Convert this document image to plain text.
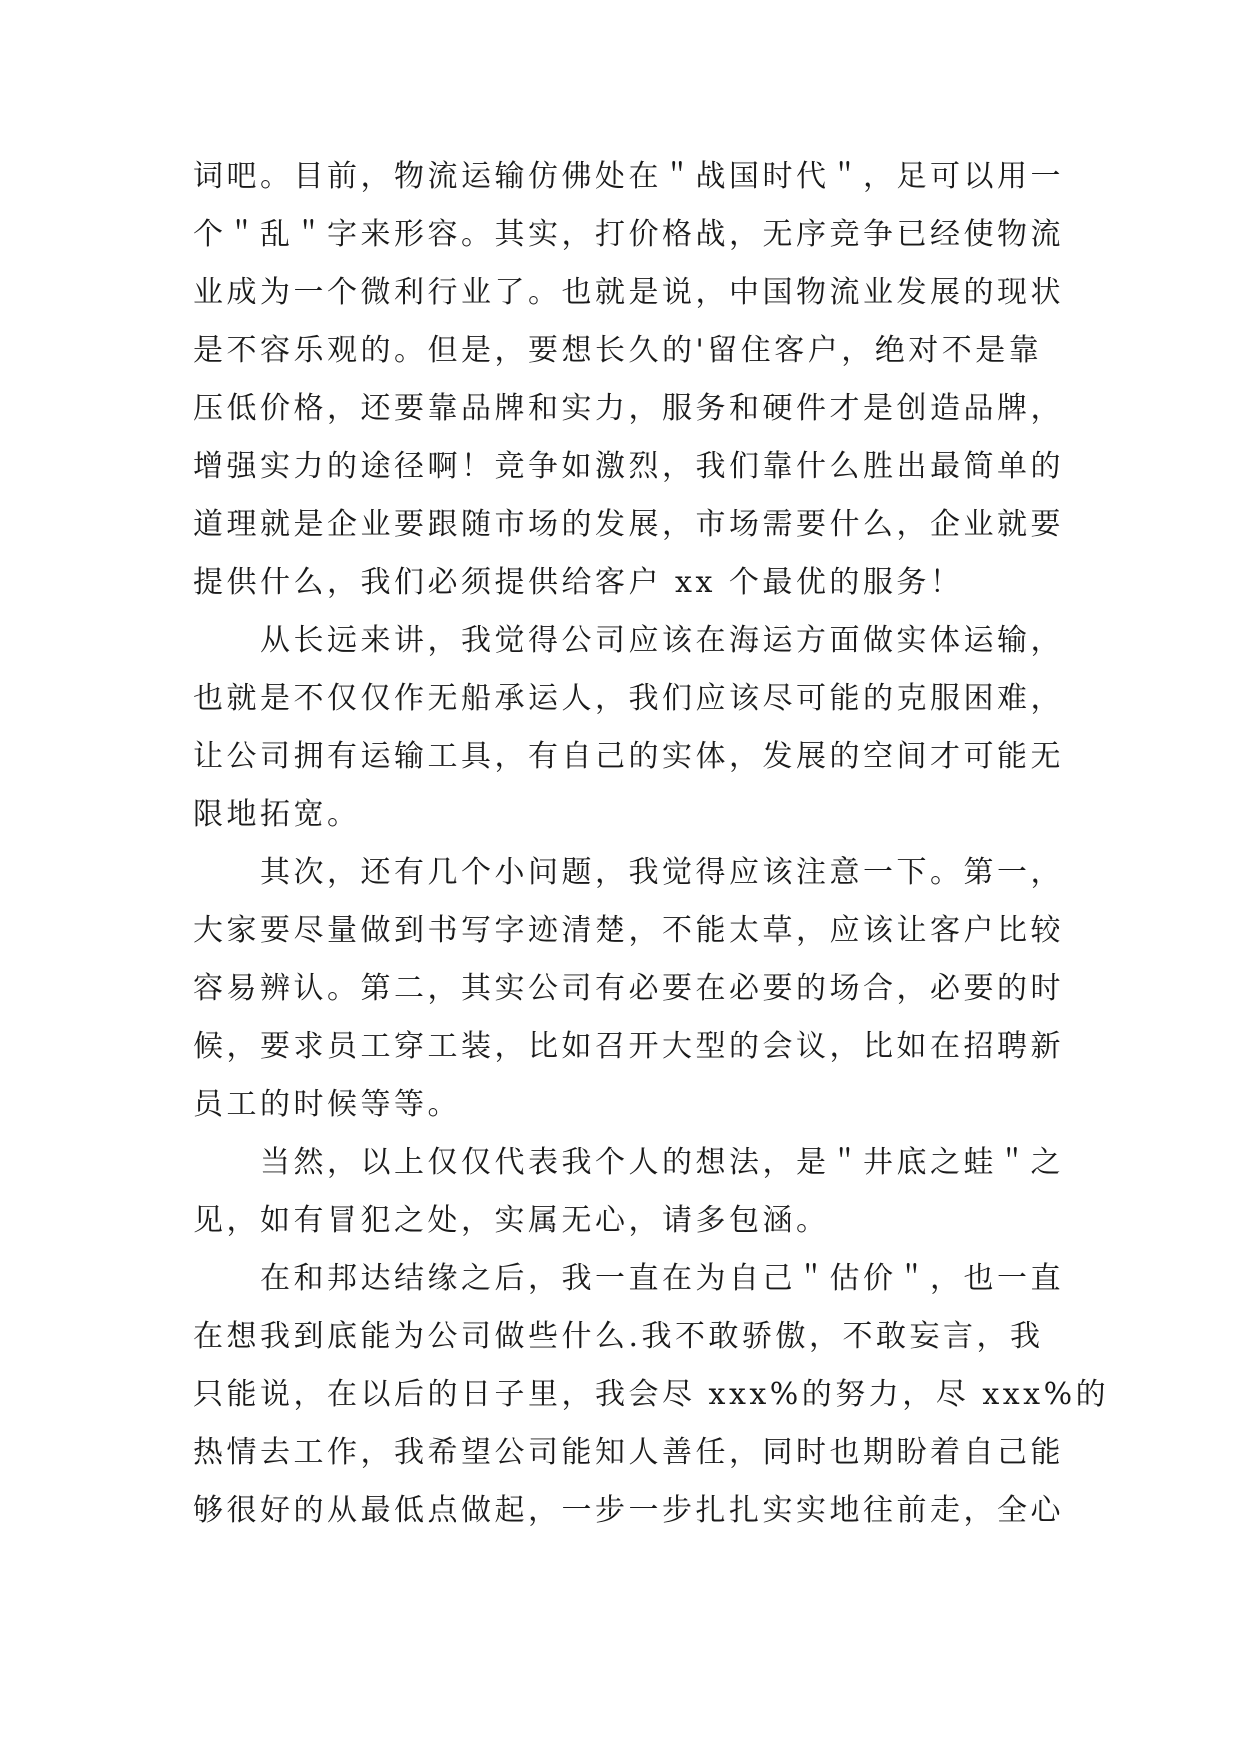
词吧。目前，物流运输仿佛处在＂战国时代＂，足可以用一
个＂乱＂字来形容。其实，打价格战，无序竞争已经使物流
业成为一个微利行业了。也就是说，中国物流业发展的现状
是不容乐观的。但是，要想长久的'留住客户，绝对不是靠
压低价格，还要靠品牌和实力，服务和硬件才是创造品牌，
增强实力的途径啊！竞争如激烈，我们靠什么胜出最简单的
道理就是企业要跟随市场的发展，市场需要什么，企业就要
提供什么，我们必须提供给客户 xx 个最优的服务！
　　从长远来讲，我觉得公司应该在海运方面做实体运输，
也就是不仅仅作无船承运人，我们应该尽可能的克服困难，
让公司拥有运输工具，有自己的实体，发展的空间才可能无
限地拓宽。
　　其次，还有几个小问题，我觉得应该注意一下。第一，
大家要尽量做到书写字迹清楚，不能太草，应该让客户比较
容易辨认。第二，其实公司有必要在必要的场合，必要的时
候，要求员工穿工装，比如召开大型的会议，比如在招聘新
员工的时候等等。
　　当然，以上仅仅代表我个人的想法，是＂井底之蛙＂之
见，如有冒犯之处，实属无心，请多包涵。
　　在和邦达结缘之后，我一直在为自己＂估价＂，也一直
在想我到底能为公司做些什么.我不敢骄傲，不敢妄言，我
只能说，在以后的日子里，我会尽 xxx%的努力，尽 xxx%的
热情去工作，我希望公司能知人善任，同时也期盼着自己能
够很好的从最低点做起，一步一步扎扎实实地往前走，全心
